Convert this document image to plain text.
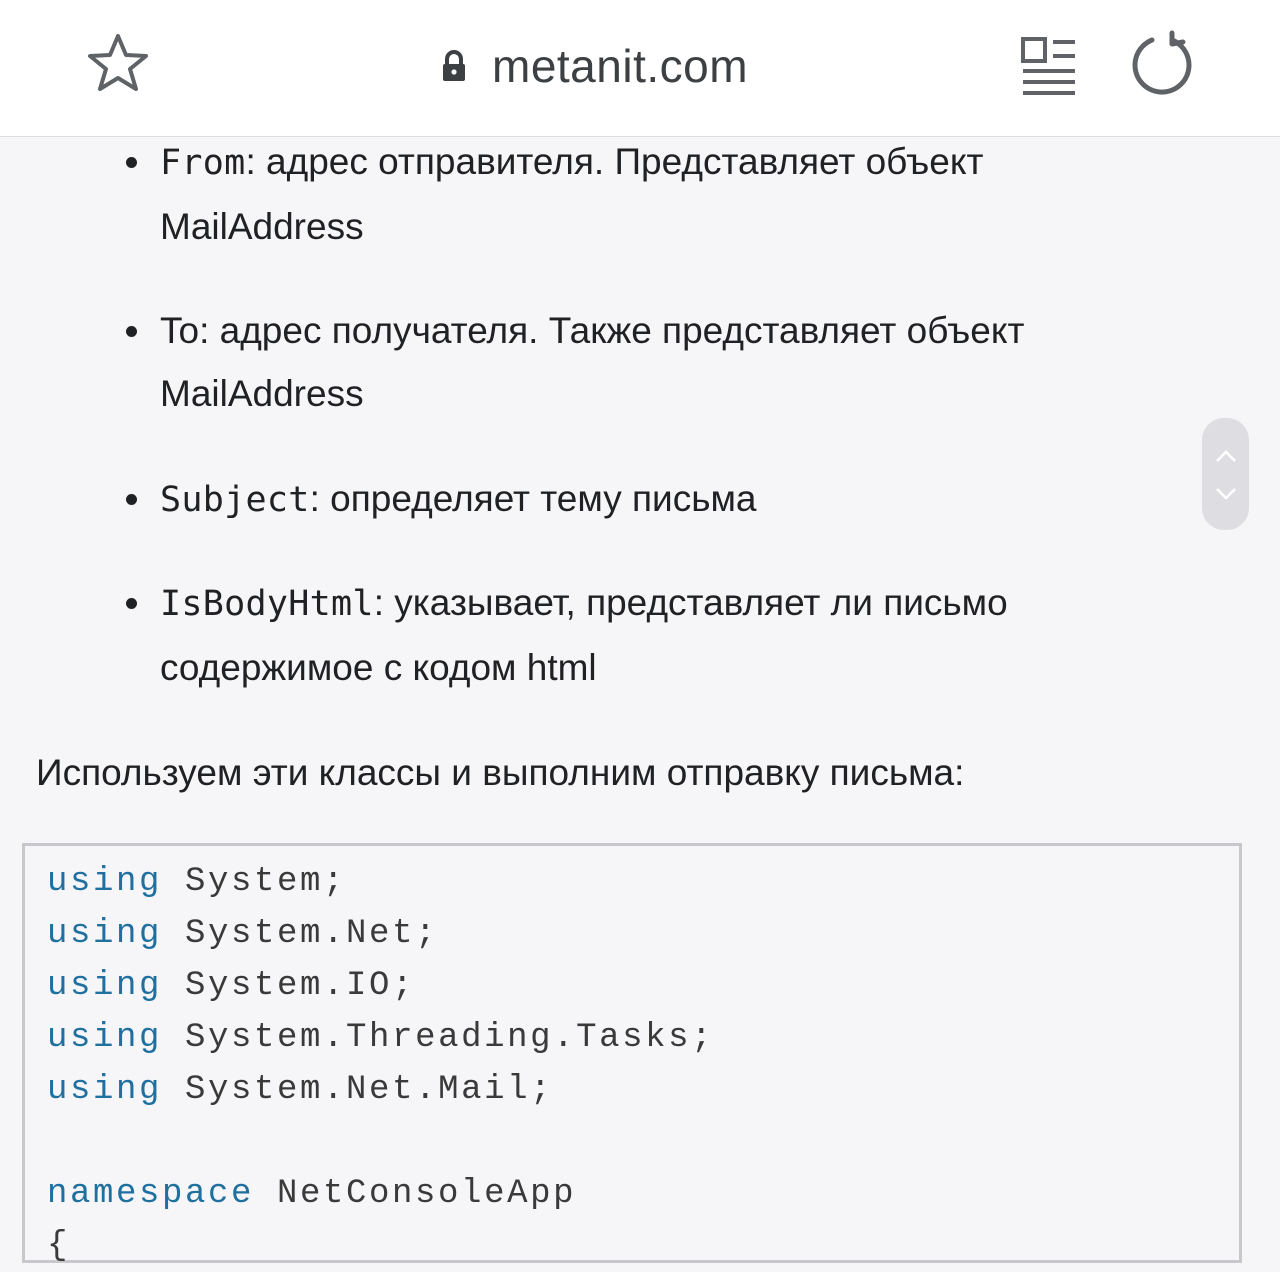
metanit.com
From: адрес отправителя. Представляет объект
MailAddress
To: адрес получателя. Также представляет объект
MailAddress
Subject: определяет тему письма
IsBodyHtml: указывает, представляет ли письмо
содержимое с кодом html
Используем эти классы и выполним отправку письма:
using System;
using System.Net;
using System.IO;
using System.Threading.Tasks;
using System.Net.Mail;
namespace NetConsoleApp
{
